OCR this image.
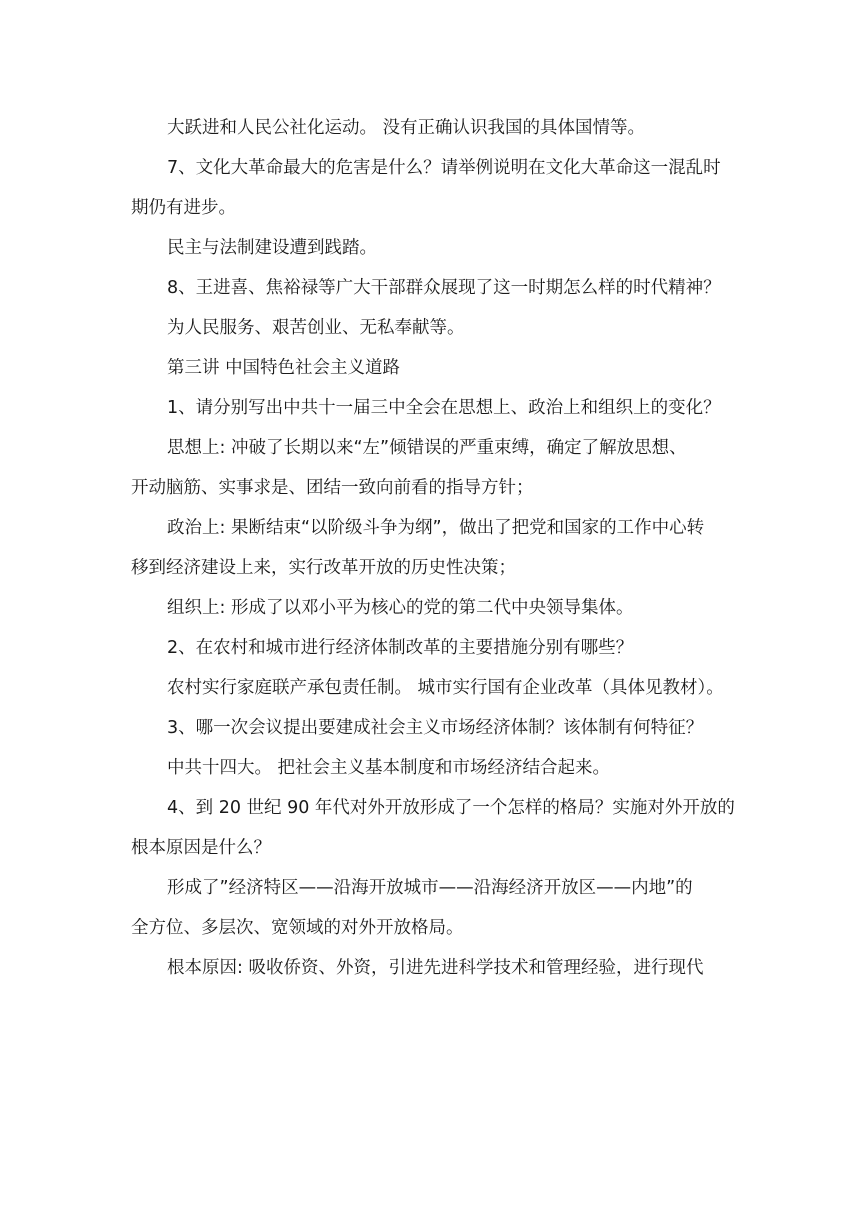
大跃进和人民公社化运动。 没有正确认识我国的具体国情等。
7、文化大革命最大的危害是什么？请举例说明在文化大革命这一混乱时
期仍有进步。
民主与法制建设遭到践踏。
8、王进喜、焦裕禄等广大干部群众展现了这一时期怎么样的时代精神？
为人民服务、艰苦创业、无私奉献等。
第三讲 中国特色社会主义道路
1、请分别写出中共十一届三中全会在思想上、政治上和组织上的变化？
思想上: 冲破了长期以来“左”倾错误的严重束缚，确定了解放思想、
开动脑筋、实事求是、团结一致向前看的指导方针；
政治上: 果断结束“以阶级斗争为纲”，做出了把党和国家的工作中心转
移到经济建设上来，实行改革开放的历史性决策；
组织上: 形成了以邓小平为核心的党的第二代中央领导集体。
2、在农村和城市进行经济体制改革的主要措施分别有哪些？
农村实行家庭联产承包责任制。 城市实行国有企业改革（具体见教材）。
3、哪一次会议提出要建成社会主义市场经济体制？该体制有何特征？
中共十四大。 把社会主义基本制度和市场经济结合起来。
4、到 20 世纪 90 年代对外开放形成了一个怎样的格局？实施对外开放的
根本原因是什么？
形成了”经济特区——沿海开放城市——沿海经济开放区——内地”的
全方位、多层次、宽领域的对外开放格局。
根本原因: 吸收侨资、外资，引进先进科学技术和管理经验，进行现代
